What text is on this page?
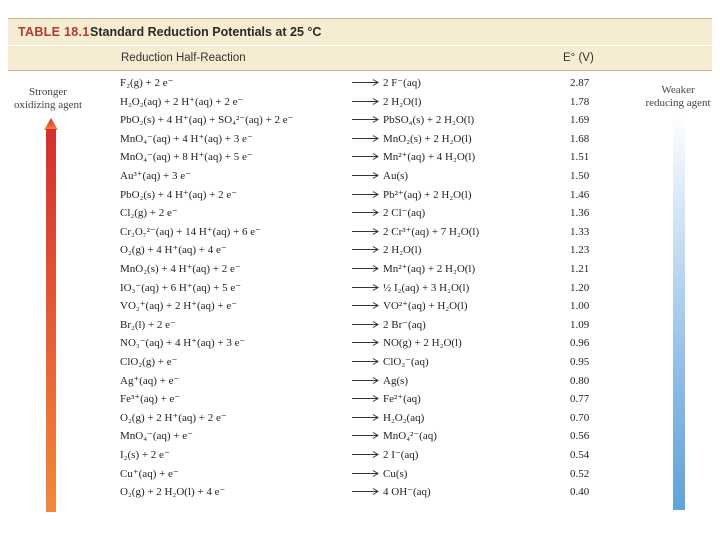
TABLE 18.1 Standard Reduction Potentials at 25 °C
Reduction Half-Reaction	E° (V)
Stronger
oxidizing agent
Weaker
reducing agent
F₂(g) + 2 e⁻	→ 2 F⁻(aq)	2.87
H₂O₂(aq) + 2 H⁺(aq) + 2 e⁻	→ 2 H₂O(l)	1.78
PbO₂(s) + 4 H⁺(aq) + SO₄²⁻(aq) + 2 e⁻	→ PbSO₄(s) + 2 H₂O(l)	1.69
MnO₄⁻(aq) + 4 H⁺(aq) + 3 e⁻	→ MnO₂(s) + 2 H₂O(l)	1.68
MnO₄⁻(aq) + 8 H⁺(aq) + 5 e⁻	→ Mn²⁺(aq) + 4 H₂O(l)	1.51
Au³⁺(aq) + 3 e⁻	→ Au(s)	1.50
PbO₂(s) + 4 H⁺(aq) + 2 e⁻	→ Pb²⁺(aq) + 2 H₂O(l)	1.46
Cl₂(g) + 2 e⁻	→ 2 Cl⁻(aq)	1.36
Cr₂O₇²⁻(aq) + 14 H⁺(aq) + 6 e⁻	→ 2 Cr³⁺(aq) + 7 H₂O(l)	1.33
O₂(g) + 4 H⁺(aq) + 4 e⁻	→ 2 H₂O(l)	1.23
MnO₂(s) + 4 H⁺(aq) + 2 e⁻	→ Mn²⁺(aq) + 2 H₂O(l)	1.21
IO₃⁻(aq) + 6 H⁺(aq) + 5 e⁻	→ ½ I₂(aq) + 3 H₂O(l)	1.20
VO₂⁺(aq) + 2 H⁺(aq) + e⁻	→ VO²⁺(aq) + H₂O(l)	1.00
Br₂(l) + 2 e⁻	→ 2 Br⁻(aq)	1.09
NO₃⁻(aq) + 4 H⁺(aq) + 3 e⁻	→ NO(g) + 2 H₂O(l)	0.96
ClO₂(g) + e⁻	→ ClO₂⁻(aq)	0.95
Ag⁺(aq) + e⁻	→ Ag(s)	0.80
Fe³⁺(aq) + e⁻	→ Fe²⁺(aq)	0.77
O₂(g) + 2 H⁺(aq) + 2 e⁻	→ H₂O₂(aq)	0.70
MnO₄⁻(aq) + e⁻	→ MnO₄²⁻(aq)	0.56
I₂(s) + 2 e⁻	→ 2 I⁻(aq)	0.54
Cu⁺(aq) + e⁻	→ Cu(s)	0.52
O₂(g) + 2 H₂O(l) + 4 e⁻	→ 4 OH⁻(aq)	0.40
